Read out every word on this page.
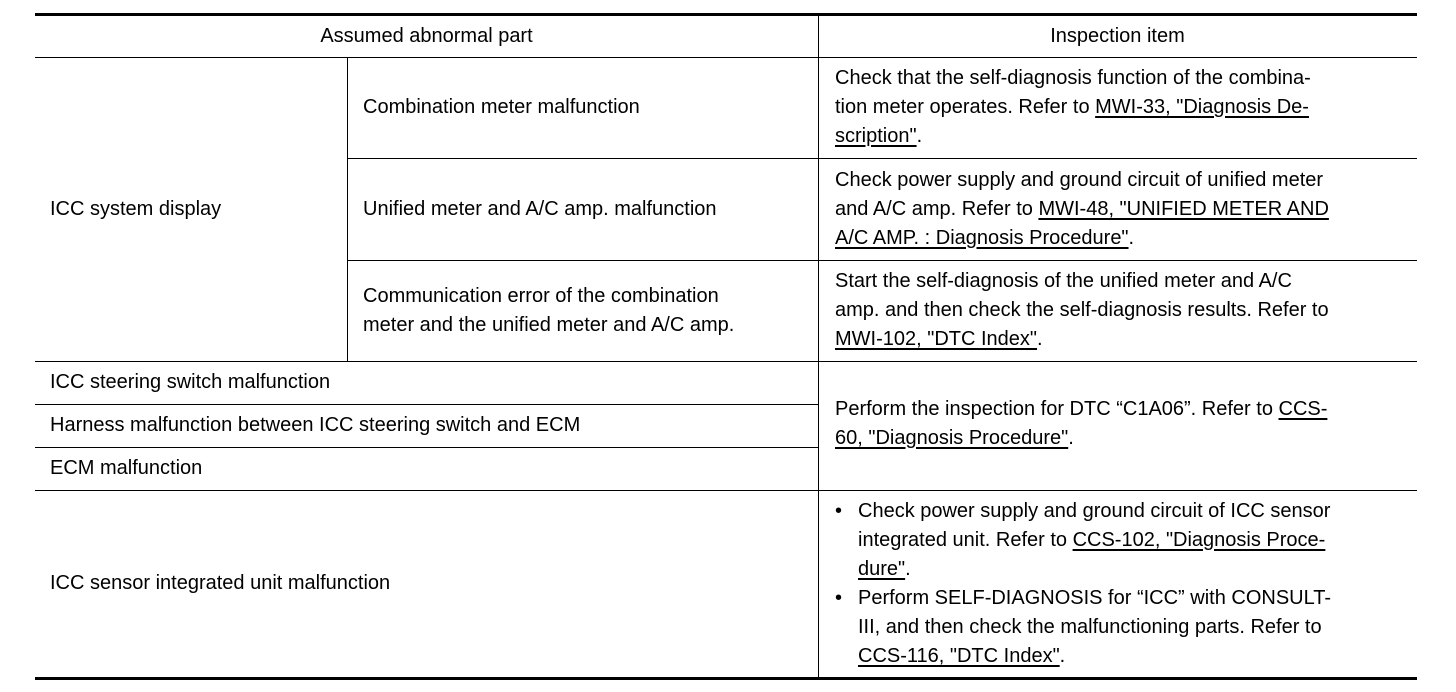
Assumed abnormal part	Inspection item
ICC system display
Combination meter malfunction
Check that the self-diagnosis function of the combina-
tion meter operates. Refer to MWI-33, "Diagnosis De-
scription".
Unified meter and A/C amp. malfunction
Check power supply and ground circuit of unified meter
and A/C amp. Refer to MWI-48, "UNIFIED METER AND
A/C AMP. : Diagnosis Procedure".
Communication error of the combination
meter and the unified meter and A/C amp.
Start the self-diagnosis of the unified meter and A/C
amp. and then check the self-diagnosis results. Refer to
MWI-102, "DTC Index".
ICC steering switch malfunction
Harness malfunction between ICC steering switch and ECM
ECM malfunction
Perform the inspection for DTC “C1A06”. Refer to CCS-
60, "Diagnosis Procedure".
ICC sensor integrated unit malfunction
• Check power supply and ground circuit of ICC sensor
integrated unit. Refer to CCS-102, "Diagnosis Proce-
dure".
• Perform SELF-DIAGNOSIS for “ICC” with CONSULT-
III, and then check the malfunctioning parts. Refer to
CCS-116, "DTC Index".
